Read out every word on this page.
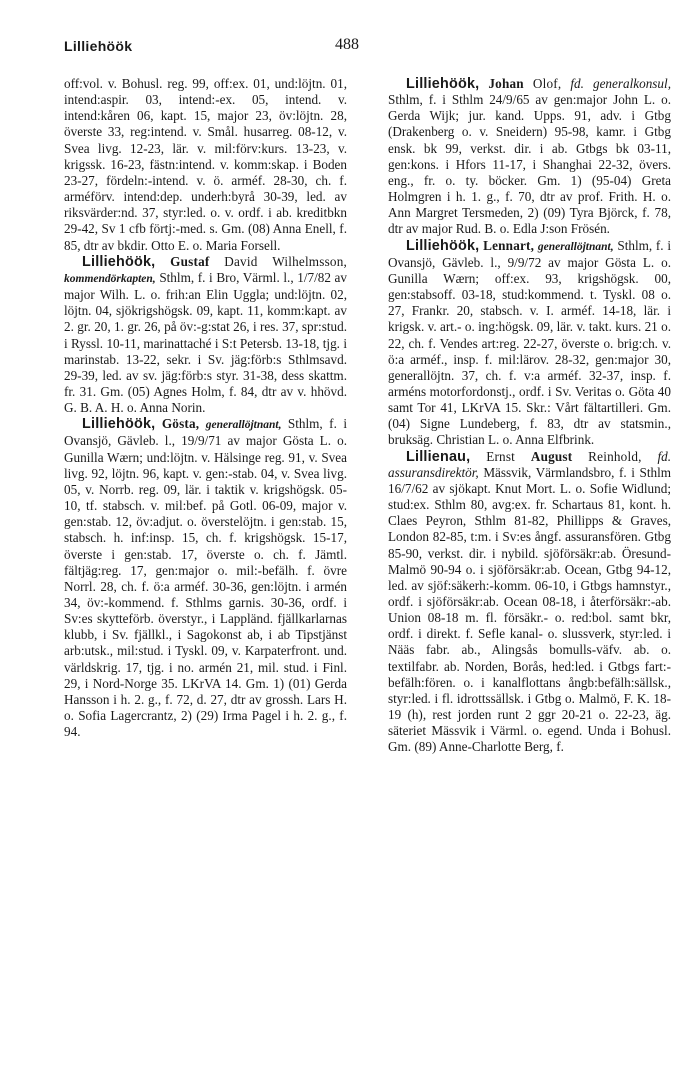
Lilliehöök	488

off:vol. v. Bohusl. reg. 99, off:ex. 01, und:löjtn. 01, intend:aspir. 03, intend:-ex. 05, intend. v. intend:kåren 06, kapt. 15, major 23, öv:löjtn. 28, överste 33, reg:intend. v. Smål. husarreg. 08-12, v. Svea livg. 12-23, lär. v. mil:förv:kurs. 13-23, v. krigssk. 16-23, fästn:intend. v. komm:skap. i Boden 23-27, fördeln:-intend. v. ö. arméf. 28-30, ch. f. arméförv. intend:dep. underh:byrå 30-39, led. av riksvärder:nd. 37, styr:led. o. v. ordf. i ab. kreditbkn 29-42, Sv 1 cfb förtj:-med. s. Gm. (08) Anna Enell, f. 85, dtr av bkdir. Otto E. o. Maria Forsell.

Lilliehöök, Gustaf David Wilhelmsson, kommendörkapten, Sthlm, f. i Bro, Värml. l., 1/7/82 av major Wilh. L. o. frih:an Elin Uggla; und:löjtn. 02, löjtn. 04, sjökrigshögsk. 09, kapt. 11, komm:kapt. av 2. gr. 20, 1. gr. 26, på öv:-g:stat 26, i res. 37, spr:stud. i Ryssl. 10-11, marinattaché i S:t Petersb. 13-18, tjg. i marinstab. 13-22, sekr. i Sv. jäg:förb:s Sthlmsavd. 29-39, led. av sv. jäg:förb:s styr. 31-38, dess skattm. fr. 31. Gm. (05) Agnes Holm, f. 84, dtr av v. hhövd. G. B. A. H. o. Anna Norin.

Lilliehöök, Gösta, generallöjtnant, Sthlm, f. i Ovansjö, Gävleb. l., 19/9/71 av major Gösta L. o. Gunilla Wærn; und:löjtn. v. Hälsinge reg. 91, v. Svea livg. 92, löjtn. 96, kapt. v. gen:-stab. 04, v. Svea livg. 05, v. Norrb. reg. 09, lär. i taktik v. krigshögsk. 05-10, tf. stabsch. v. mil:bef. på Gotl. 06-09, major v. gen:stab. 12, öv:adjut. o. överstelöjtn. i gen:stab. 15, stabsch. h. inf:insp. 15, ch. f. krigshögsk. 15-17, överste i gen:stab. 17, överste o. ch. f. Jämtl. fältjäg:reg. 17, gen:major o. mil:-befälh. f. övre Norrl. 28, ch. f. ö:a arméf. 30-36, gen:löjtn. i armén 34, öv:-kommend. f. Sthlms garnis. 30-36, ordf. i Sv:es skytteförb. överstyr., i Lappländ. fjällkarlarnas klubb, i Sv. fjällkl., i Sagokonst ab, i ab Tipstjänst arb:utsk., mil:stud. i Tyskl. 09, v. Karpaterfront. und. världskrig. 17, tjg. i no. armén 21, mil. stud. i Finl. 29, i Nord-Norge 35. LKrVA 14. Gm. 1) (01) Gerda Hansson i h. 2. g., f. 72, d. 27, dtr av grossh. Lars H. o. Sofia Lagercrantz, 2) (29) Irma Pagel i h. 2. g., f. 94.

Lilliehöök, Johan Olof, fd. generalkonsul, Sthlm, f. i Sthlm 24/9/65 av gen:major John L. o. Gerda Wijk; jur. kand. Upps. 91, adv. i Gtbg (Drakenberg o. v. Sneidern) 95-98, kamr. i Gtbg ensk. bk 99, verkst. dir. i ab. Gtbgs bk 03-11, gen:kons. i Hfors 11-17, i Shanghai 22-32, övers. eng., fr. o. ty. böcker. Gm. 1) (95-04) Greta Holmgren i h. 1. g., f. 70, dtr av prof. Frith. H. o. Ann Margret Tersmeden, 2) (09) Tyra Björck, f. 78, dtr av major Rud. B. o. Edla J:son Frösén.

Lilliehöök, Lennart, generallöjtnant, Sthlm, f. i Ovansjö, Gävleb. l., 9/9/72 av major Gösta L. o. Gunilla Wærn; off:ex. 93, krigshögsk. 00, gen:stabsoff. 03-18, stud:kommend. t. Tyskl. 08 o. 27, Frankr. 20, stabsch. v. I. arméf. 14-18, lär. i krigsk. v. art.- o. ing:högsk. 09, lär. v. takt. kurs. 21 o. 22, ch. f. Vendes art:reg. 22-27, överste o. brig:ch. v. ö:a arméf., insp. f. mil:lärov. 28-32, gen:major 30, generallöjtn. 37, ch. f. v:a arméf. 32-37, insp. f. arméns motorfordonstj., ordf. i Sv. Veritas o. Göta 40 samt Tor 41, LKrVA 15. Skr.: Vårt fältartilleri. Gm. (04) Signe Lundeberg, f. 83, dtr av statsmin., bruksäg. Christian L. o. Anna Elfbrink.

Lillienau, Ernst August Reinhold, fd. assuransdirektör, Mässvik, Värmlandsbro, f. i Sthlm 16/7/62 av sjökapt. Knut Mort. L. o. Sofie Widlund; stud:ex. Sthlm 80, avg:ex. fr. Schartaus 81, kont. h. Claes Peyron, Sthlm 81-82, Phillipps & Graves, London 82-85, t:m. i Sv:es ångf. assuransfören. Gtbg 85-90, verkst. dir. i nybild. sjöförsäkr:ab. Öresund-Malmö 90-94 o. i sjöförsäkr:ab. Ocean, Gtbg 94-12, led. av sjöf:säkerh:-komm. 06-10, i Gtbgs hamnstyr., ordf. i sjöförsäkr:ab. Ocean 08-18, i återförsäkr:-ab. Union 08-18 m. fl. försäkr.- o. red:bol. samt bkr, ordf. i direkt. f. Sefle kanal- o. slussverk, styr:led. i Nääs fabr. ab., Alingsås bomulls-väfv. ab. o. textilfabr. ab. Norden, Borås, hed:led. i Gtbgs fart:-befälh:fören. o. i kanalflottans ångb:befälh:sällsk., styr:led. i fl. idrottssällsk. i Gtbg o. Malmö, F. K. 18-19 (h), rest jorden runt 2 ggr 20-21 o. 22-23, äg. säteriet Mässvik i Värml. o. egend. Unda i Bohusl. Gm. (89) Anne-Charlotte Berg, f.
